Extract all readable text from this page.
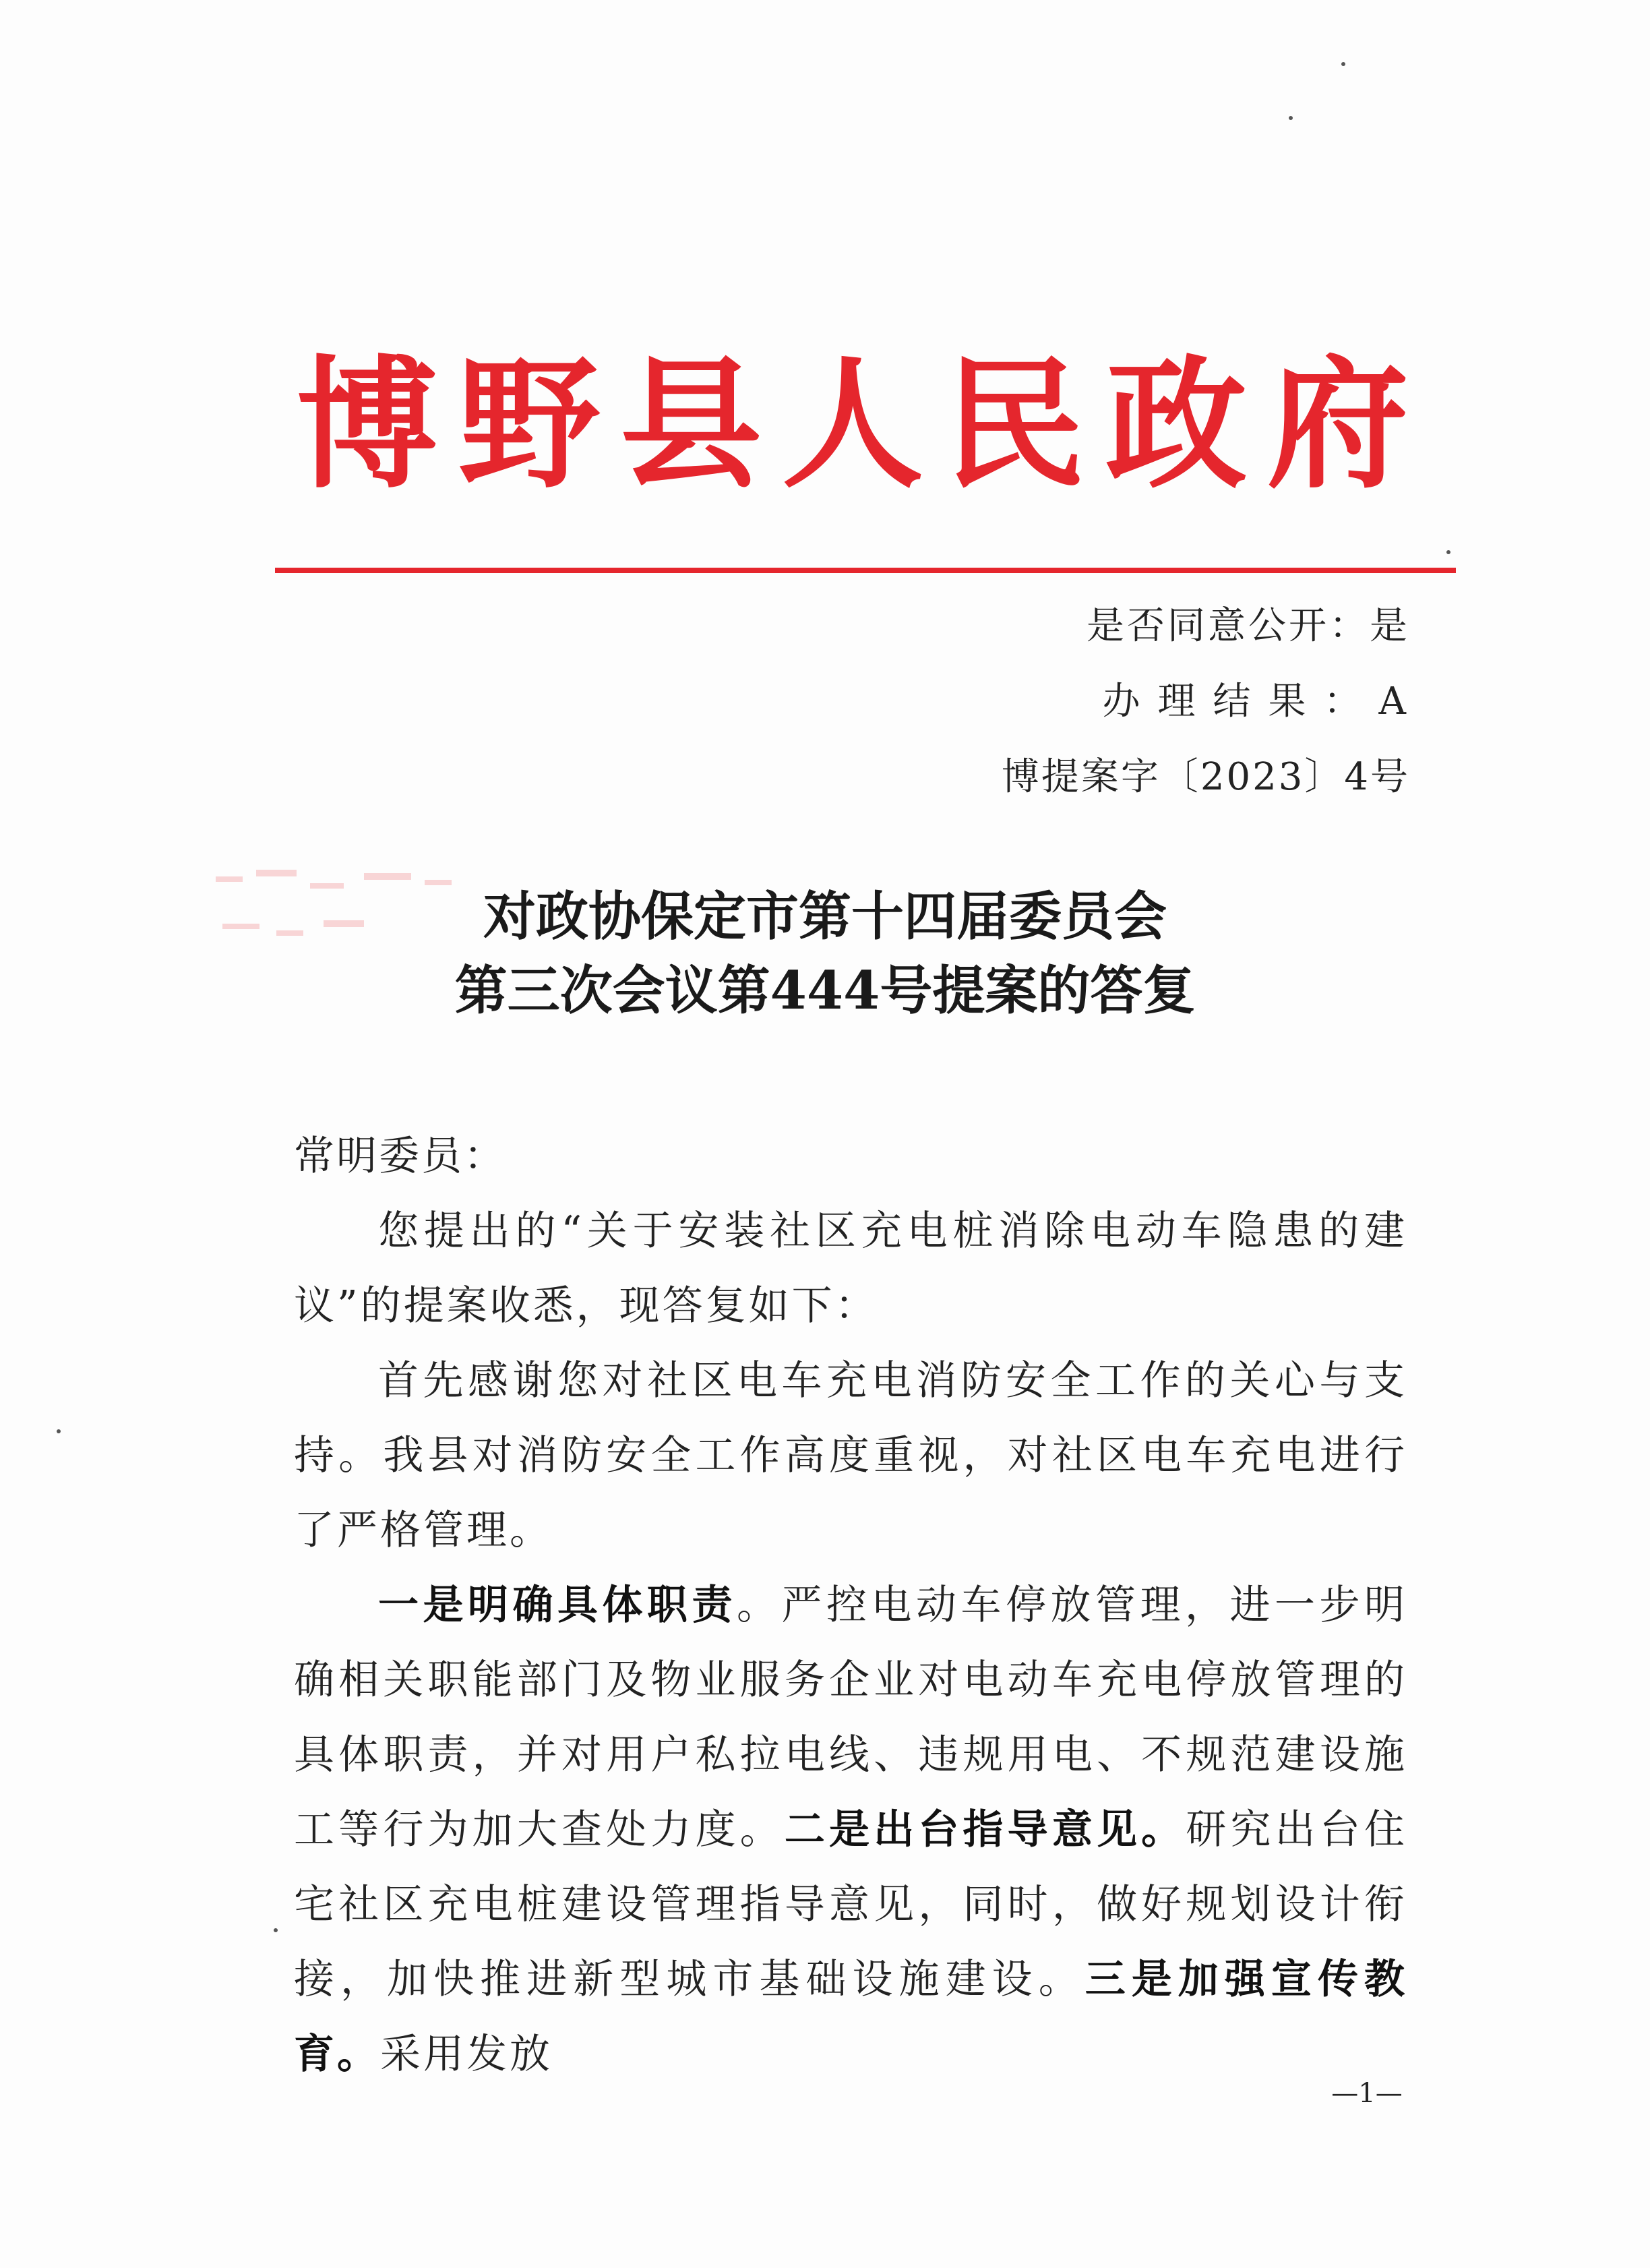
博野县人民政府
是否同意公开：是
办理结果：A
博提案字〔2023〕4号
对政协保定市第十四届委员会
第三次会议第444号提案的答复

常明委员：

您提出的“关于安装社区充电桩消除电动车隐患的建议”的提案收悉，现答复如下：

首先感谢您对社区电车充电消防安全工作的关心与支持。我县对消防安全工作高度重视，对社区电车充电进行了严格管理。

一是明确具体职责。严控电动车停放管理，进一步明确相关职能部门及物业服务企业对电动车充电停放管理的具体职责，并对用户私拉电线、违规用电、不规范建设施工等行为加大查处力度。二是出台指导意见。研究出台住宅社区充电桩建设管理指导意见，同时，做好规划设计衔接，加快推进新型城市基础设施建设。三是加强宣传教育。采用发放

—1—
